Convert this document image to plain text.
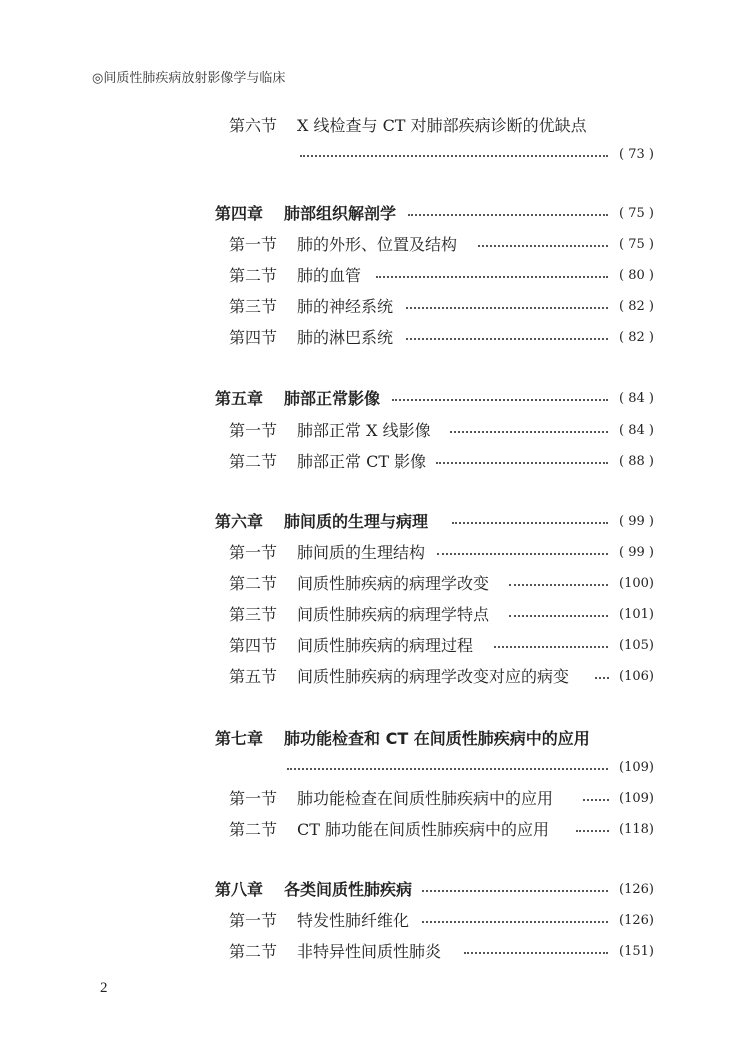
◎间质性肺疾病放射影像学与临床
第六节 X 线检查与 CT 对肺部疾病诊断的优缺点
( 73 )
第四章 肺部组织解剖学	( 75 )
第一节 肺的外形、位置及结构	( 75 )
第二节 肺的血管	( 80 )
第三节 肺的神经系统	( 82 )
第四节 肺的淋巴系统	( 82 )
第五章 肺部正常影像	( 84 )
第一节 肺部正常 X 线影像	( 84 )
第二节 肺部正常 CT 影像	( 88 )
第六章 肺间质的生理与病理	( 99 )
第一节 肺间质的生理结构	( 99 )
第二节 间质性肺疾病的病理学改变	(100)
第三节 间质性肺疾病的病理学特点	(101)
第四节 间质性肺疾病的病理过程	(105)
第五节 间质性肺疾病的病理学改变对应的病变	(106)
第七章 肺功能检查和 CT 在间质性肺疾病中的应用
(109)
第一节 肺功能检查在间质性肺疾病中的应用	(109)
第二节 CT 肺功能在间质性肺疾病中的应用	(118)
第八章 各类间质性肺疾病	(126)
第一节 特发性肺纤维化	(126)
第二节 非特异性间质性肺炎	(151)
2
